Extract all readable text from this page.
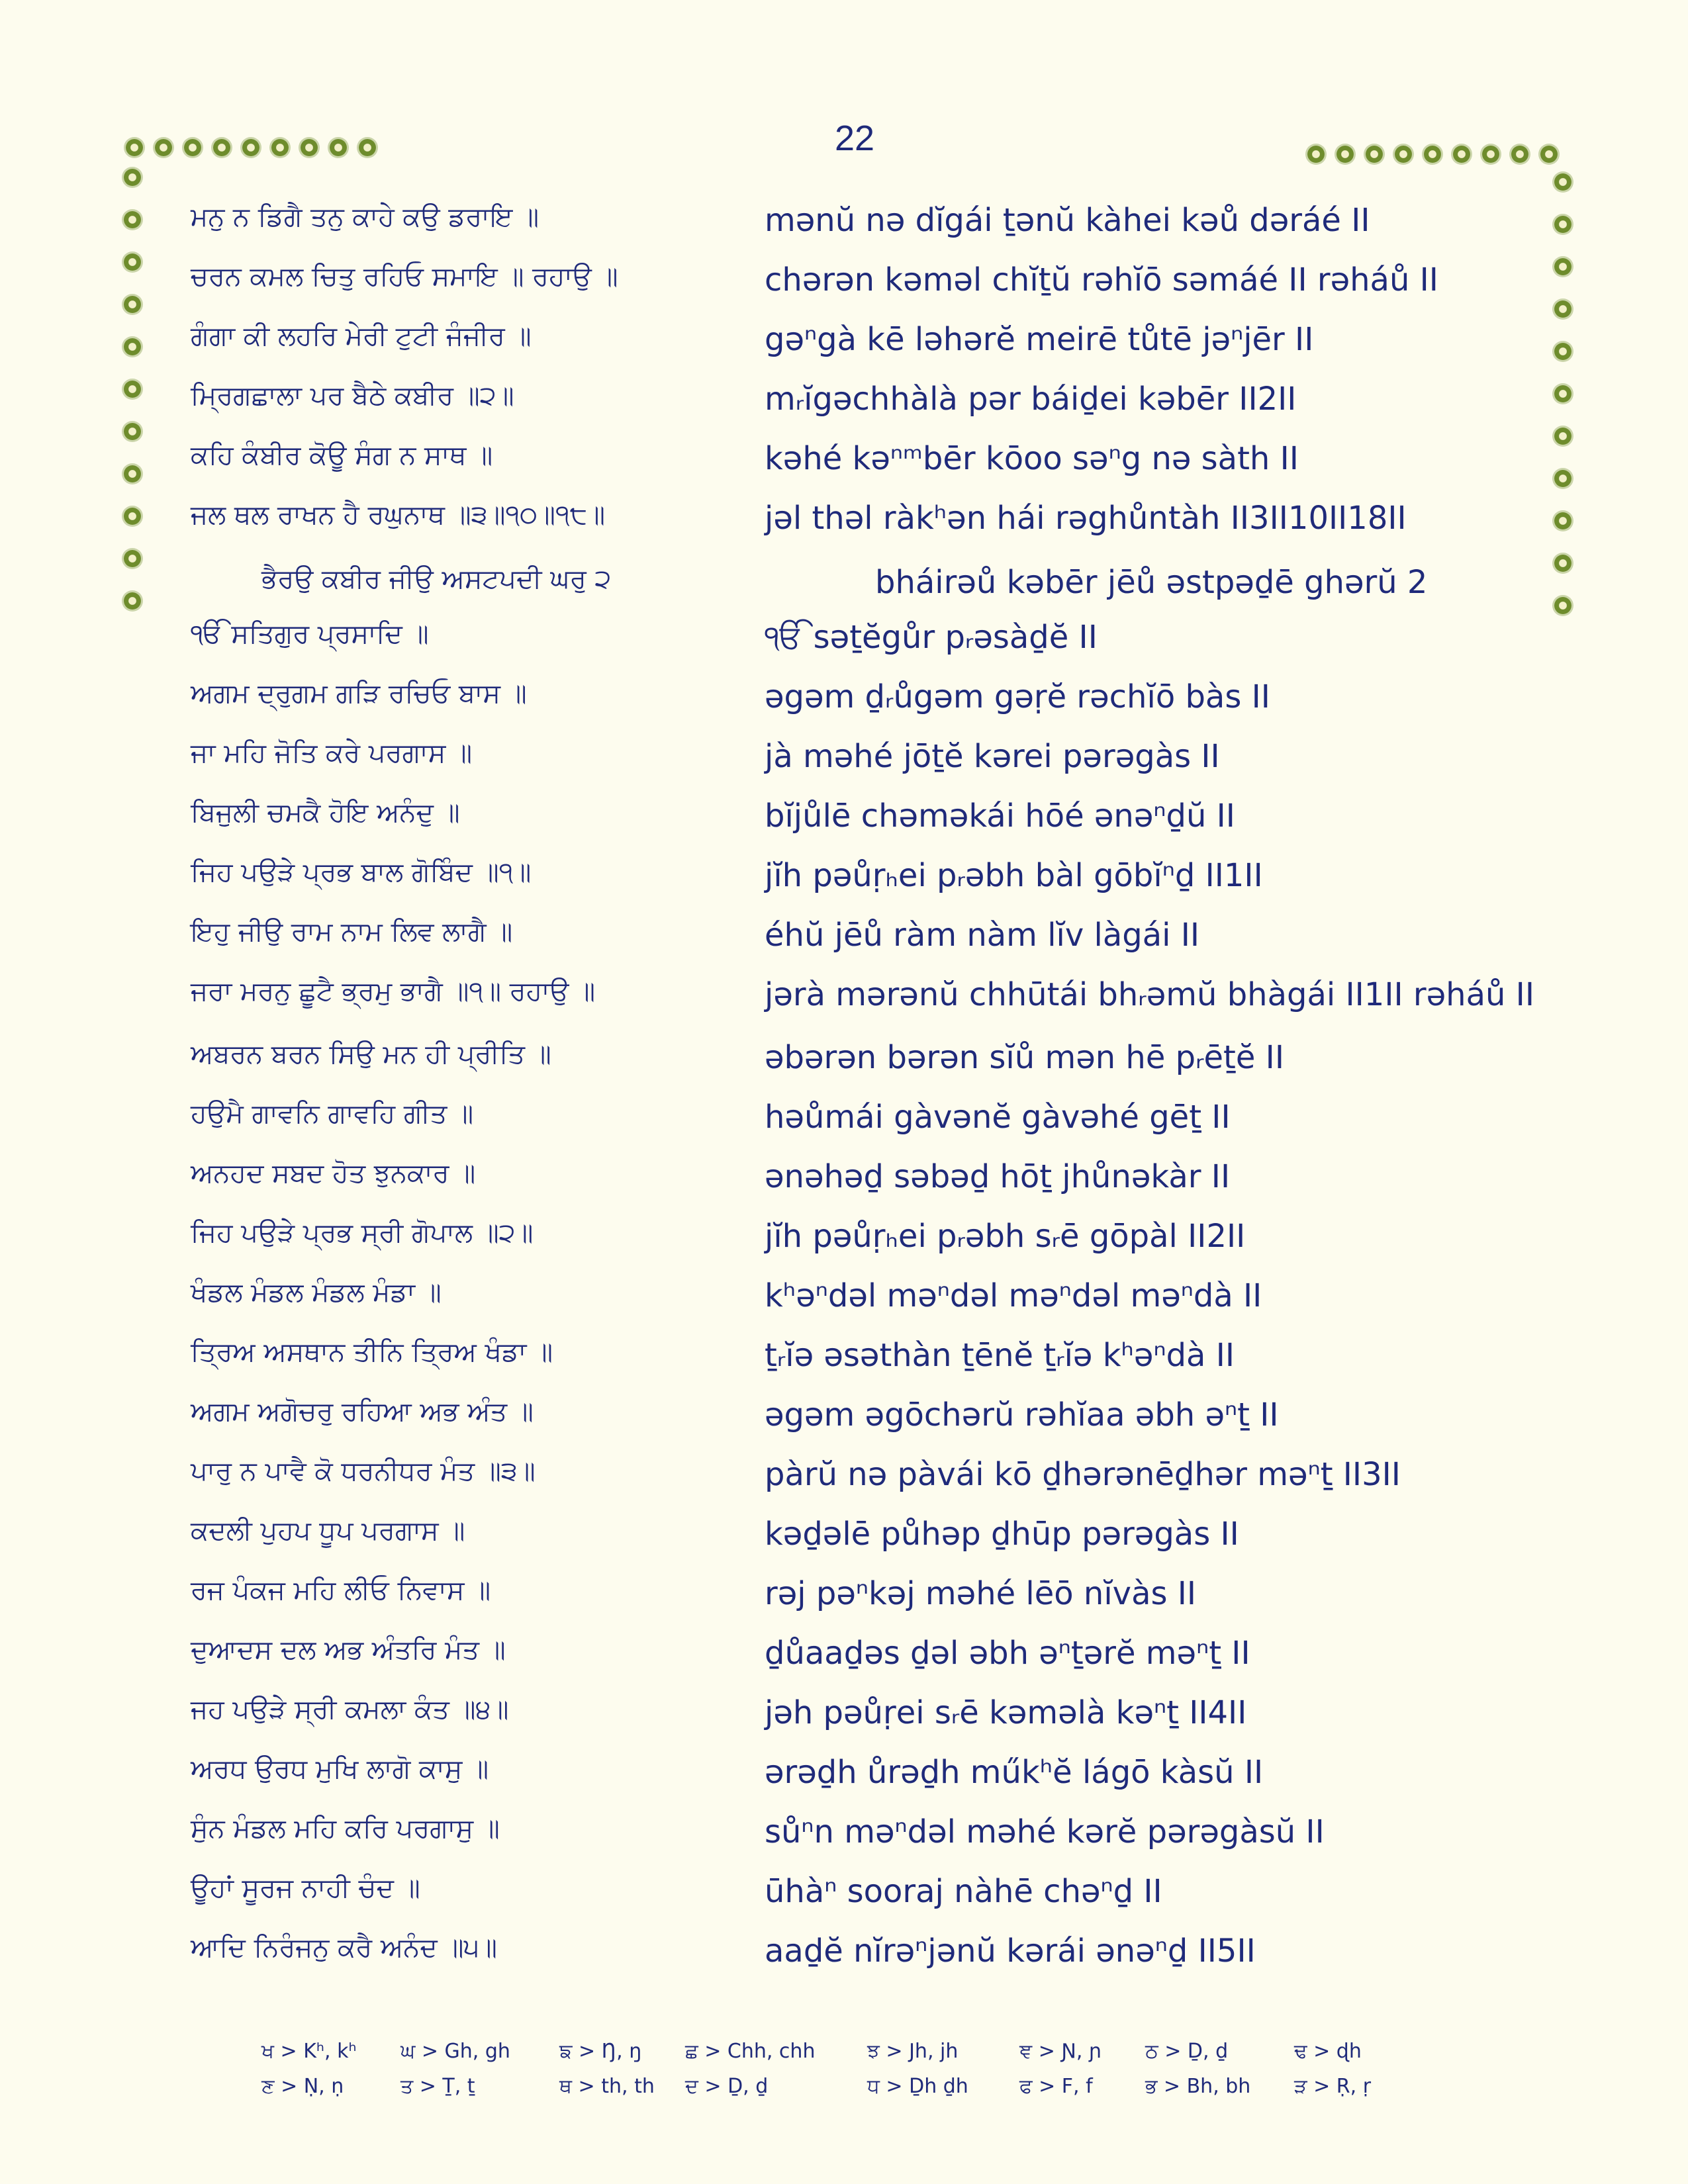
22
ਮਨੁ ਨ ਡਿਗੈ ਤਨੁ ਕਾਹੇ ਕਉ ਡਰਾਇ ॥	mənŭ nə dĭgái ṯənŭ kàhei kəů dəráé II
ਚਰਨ ਕਮਲ ਚਿਤੁ ਰਹਿਓ ਸਮਾਇ ॥ ਰਹਾਉ ॥	chərən kəməl chĭṯŭ rəhĭō səmáé II rəháů II
ਗੰਗਾ ਕੀ ਲਹਰਿ ਮੇਰੀ ਟੁਟੀ ਜੰਜੀਰ ॥	gəⁿgà kē ləhərĕ meirē tůtē jəⁿjēr II
ਮ੍ਰਿਗਛਾਲਾ ਪਰ ਬੈਠੇ ਕਬੀਰ ॥੨॥	mᵣĭgəchhàlà pər báiḏei kəbēr II2II
ਕਹਿ ਕੰਬੀਰ ਕੋਊ ਸੰਗ ਨ ਸਾਥ ॥	kəhé kəⁿᵐbēr kōoo səⁿg nə sàth II
ਜਲ ਥਲ ਰਾਖਨ ਹੈ ਰਘੁਨਾਥ ॥੩॥੧੦॥੧੮॥	jəl thəl ràkʰən hái rəghůntàh II3II10II18II
ਭੈਰਉ ਕਬੀਰ ਜੀਉ ਅਸਟਪਦੀ ਘਰੁ ੨	bháirəů kəbēr jēů əstpəḏē ghərŭ 2
ੴ ਸਤਿਗੁਰ ਪ੍ਰਸਾਦਿ ॥	ੴ səṯĕgůr pᵣəsàḏĕ II
ਅਗਮ ਦ੍ਰੁਗਮ ਗੜਿ ਰਚਿਓ ਬਾਸ ॥	əgəm ḏᵣůgəm gəṛĕ rəchĭō bàs II
ਜਾ ਮਹਿ ਜੋਤਿ ਕਰੇ ਪਰਗਾਸ ॥	jà məhé jōṯĕ kərei pərəgàs II
ਬਿਜੁਲੀ ਚਮਕੈ ਹੋਇ ਅਨੰਦੁ ॥	bĭjůlē chəməkái hōé ənəⁿḏŭ II
ਜਿਹ ਪਉੜੇ ਪ੍ਰਭ ਬਾਲ ਗੋਬਿੰਦ ॥੧॥	jĭh pəůṛₕei pᵣəbh bàl gōbĭⁿḏ II1II
ਇਹੁ ਜੀਉ ਰਾਮ ਨਾਮ ਲਿਵ ਲਾਗੈ ॥	éhŭ jēů ràm nàm lĭv làgái II
ਜਰਾ ਮਰਨੁ ਛੂਟੈ ਭ੍ਰਮੁ ਭਾਗੈ ॥੧॥ ਰਹਾਉ ॥	jərà mərənŭ chhūtái bhᵣəmŭ bhàgái II1II rəháů II
ਅਬਰਨ ਬਰਨ ਸਿਉ ਮਨ ਹੀ ਪ੍ਰੀਤਿ ॥	əbərən bərən sĭů mən hē pᵣēṯĕ II
ਹਉਮੈ ਗਾਵਨਿ ਗਾਵਹਿ ਗੀਤ ॥	həůmái gàvənĕ gàvəhé gēṯ II
ਅਨਹਦ ਸਬਦ ਹੋਤ ਝੁਨਕਾਰ ॥	ənəhəḏ səbəḏ hōṯ jhůnəkàr II
ਜਿਹ ਪਉੜੇ ਪ੍ਰਭ ਸ੍ਰੀ ਗੋਪਾਲ ॥੨॥	jĭh pəůṛₕei pᵣəbh sᵣē gōpàl II2II
ਖੰਡਲ ਮੰਡਲ ਮੰਡਲ ਮੰਡਾ ॥	kʰəⁿdəl məⁿdəl məⁿdəl məⁿdà II
ਤ੍ਰਿਅ ਅਸਥਾਨ ਤੀਨਿ ਤ੍ਰਿਅ ਖੰਡਾ ॥	ṯᵣĭə əsəthàn ṯēnĕ ṯᵣĭə kʰəⁿdà II
ਅਗਮ ਅਗੋਚਰੁ ਰਹਿਆ ਅਭ ਅੰਤ ॥	əgəm əgōchərŭ rəhĭaa əbh əⁿṯ II
ਪਾਰੁ ਨ ਪਾਵੈ ਕੋ ਧਰਨੀਧਰ ਮੰਤ ॥੩॥	pàrŭ nə pàvái kō ḏhərənēḏhər məⁿṯ II3II
ਕਦਲੀ ਪੁਹਪ ਧੂਪ ਪਰਗਾਸ ॥	kəḏəlē půhəp ḏhūp pərəgàs II
ਰਜ ਪੰਕਜ ਮਹਿ ਲੀਓ ਨਿਵਾਸ ॥	rəj pəⁿkəj məhé lēō nĭvàs II
ਦੁਆਦਸ ਦਲ ਅਭ ਅੰਤਰਿ ਮੰਤ ॥	ḏůaaḏəs ḏəl əbh əⁿṯərĕ məⁿṯ II
ਜਹ ਪਉੜੇ ਸ੍ਰੀ ਕਮਲਾ ਕੰਤ ॥੪॥	jəh pəůṛei sᵣē kəməlà kəⁿṯ II4II
ਅਰਧ ਉਰਧ ਮੁਖਿ ਲਾਗੋ ਕਾਸੁ ॥	ərəḏh ůrəḏh műkʰĕ lágō kàsŭ II
ਸੁੰਨ ਮੰਡਲ ਮਹਿ ਕਰਿ ਪਰਗਾਸੁ ॥	sůⁿn məⁿdəl məhé kərĕ pərəgàsŭ II
ਊਹਾਂ ਸੂਰਜ ਨਾਹੀ ਚੰਦ ॥	ūhàⁿ sooraj nàhē chəⁿḏ II
ਆਦਿ ਨਿਰੰਜਨੁ ਕਰੈ ਅਨੰਦ ॥੫॥	aaḏĕ nĭrəⁿjənŭ kərái ənəⁿḏ II5II
ਖ > Kʰ, kʰ ਘ > Gh, gh ਙ > Ŋ, ŋ ਛ > Chh, chh	ਝ > Jh, jh	ਞ > Ɲ, ɲ ਠ > Ḏ, ḏ	ਢ > ɖh
ਣ > Ṇ, ṇ	ਤ > Ṯ, ṯ	ਥ > th, th ਦ > Ḏ, ḏ	ਧ > Ḏh ḏh	ਫ > F, f	ਭ > Bh, bh ੜ > Ṛ, ṛ
